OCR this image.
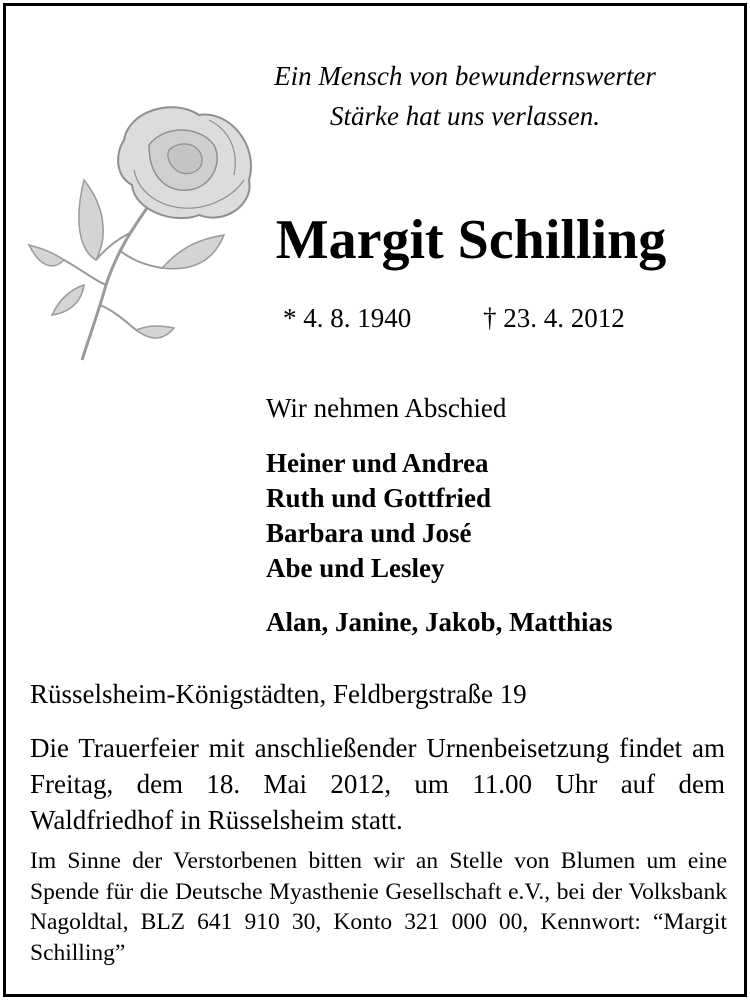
Ein Mensch von bewundernswerter
Stärke hat uns verlassen.
Margit Schilling
* 4. 8. 1940	† 23. 4. 2012
Wir nehmen Abschied
Heiner und Andrea
Ruth und Gottfried
Barbara und José
Abe und Lesley
Alan, Janine, Jakob, Matthias
Rüsselsheim-Königstädten, Feldbergstraße 19
Die Trauerfeier mit anschließender Urnenbeisetzung findet am Freitag, dem 18. Mai 2012, um 11.00 Uhr auf dem Waldfriedhof in Rüsselsheim statt.
Im Sinne der Verstorbenen bitten wir an Stelle von Blumen um eine Spende für die Deutsche Myasthenie Gesellschaft e.V., bei der Volksbank Nagoldtal, BLZ 641 910 30, Konto 321 000 00, Kennwort: “Margit Schilling”
